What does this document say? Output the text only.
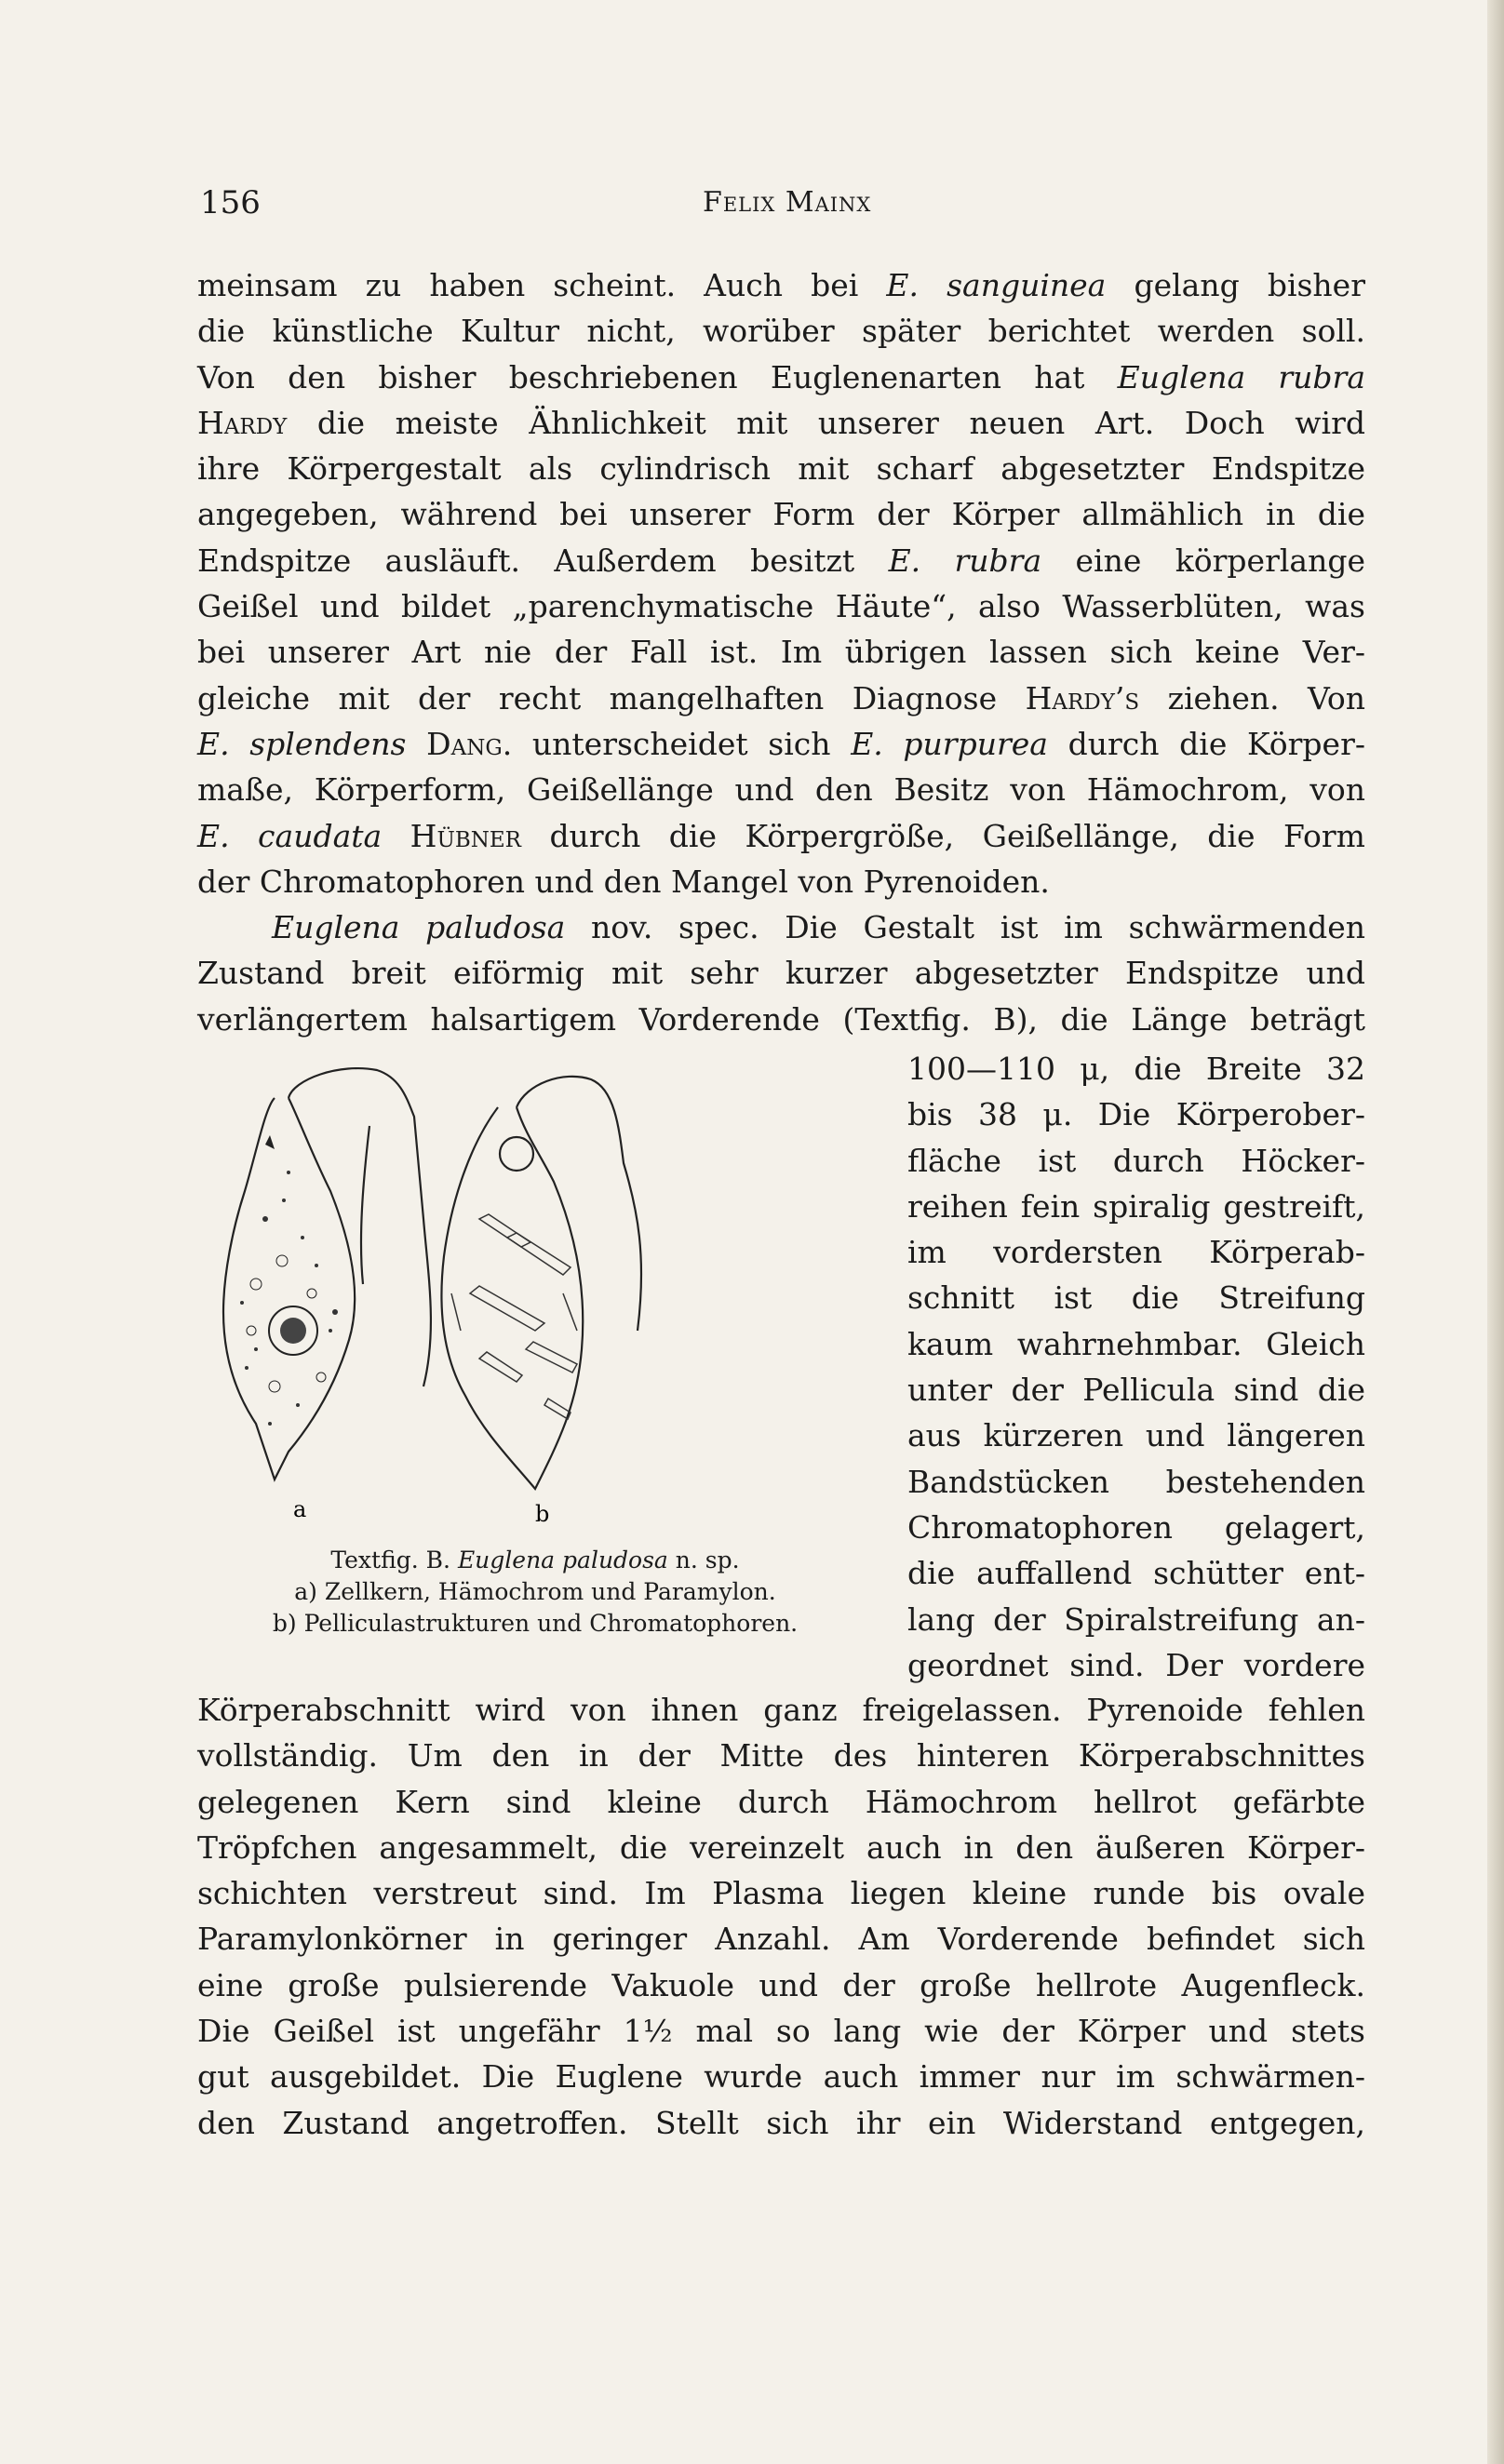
156	Felix Mainx
meinsam zu haben scheint. Auch bei E. sanguinea gelang bisher
die künstliche Kultur nicht, worüber später berichtet werden soll.
Von den bisher beschriebenen Euglenenarten hat Euglena rubra
Hardy die meiste Ähnlichkeit mit unserer neuen Art. Doch wird
ihre Körpergestalt als cylindrisch mit scharf abgesetzter Endspitze
angegeben, während bei unserer Form der Körper allmählich in die
Endspitze ausläuft. Außerdem besitzt E. rubra eine körperlange
Geißel und bildet „parenchymatische Häute“, also Wasserblüten, was
bei unserer Art nie der Fall ist. Im übrigen lassen sich keine Ver-
gleiche mit der recht mangelhaften Diagnose Hardy’s ziehen. Von
E. splendens Dang. unterscheidet sich E. purpurea durch die Körper-
maße, Körperform, Geißellänge und den Besitz von Hämochrom, von
E. caudata Hübner durch die Körpergröße, Geißellänge, die Form
der Chromatophoren und den Mangel von Pyrenoiden.
Euglena paludosa nov. spec. Die Gestalt ist im schwärmenden
Zustand breit eiförmig mit sehr kurzer abgesetzter Endspitze und
verlängertem halsartigem Vorderende (Textfig. B), die Länge beträgt
a	b
Textfig. B. Euglena paludosa n. sp.
a) Zellkern, Hämochrom und Paramylon.
b) Pelliculastrukturen und Chromatophoren.
100—110 μ, die Breite 32
bis 38 μ. Die Körperober-
fläche ist durch Höcker-
reihen fein spiralig gestreift,
im vordersten Körperab-
schnitt ist die Streifung
kaum wahrnehmbar. Gleich
unter der Pellicula sind die
aus kürzeren und längeren
Bandstücken bestehenden
Chromatophoren gelagert,
die auffallend schütter ent-
lang der Spiralstreifung an-
geordnet sind. Der vordere
Körperabschnitt wird von ihnen ganz freigelassen. Pyrenoide fehlen
vollständig. Um den in der Mitte des hinteren Körperabschnittes
gelegenen Kern sind kleine durch Hämochrom hellrot gefärbte
Tröpfchen angesammelt, die vereinzelt auch in den äußeren Körper-
schichten verstreut sind. Im Plasma liegen kleine runde bis ovale
Paramylonkörner in geringer Anzahl. Am Vorderende befindet sich
eine große pulsierende Vakuole und der große hellrote Augenfleck.
Die Geißel ist ungefähr 1½ mal so lang wie der Körper und stets
gut ausgebildet. Die Euglene wurde auch immer nur im schwärmen-
den Zustand angetroffen. Stellt sich ihr ein Widerstand entgegen,
